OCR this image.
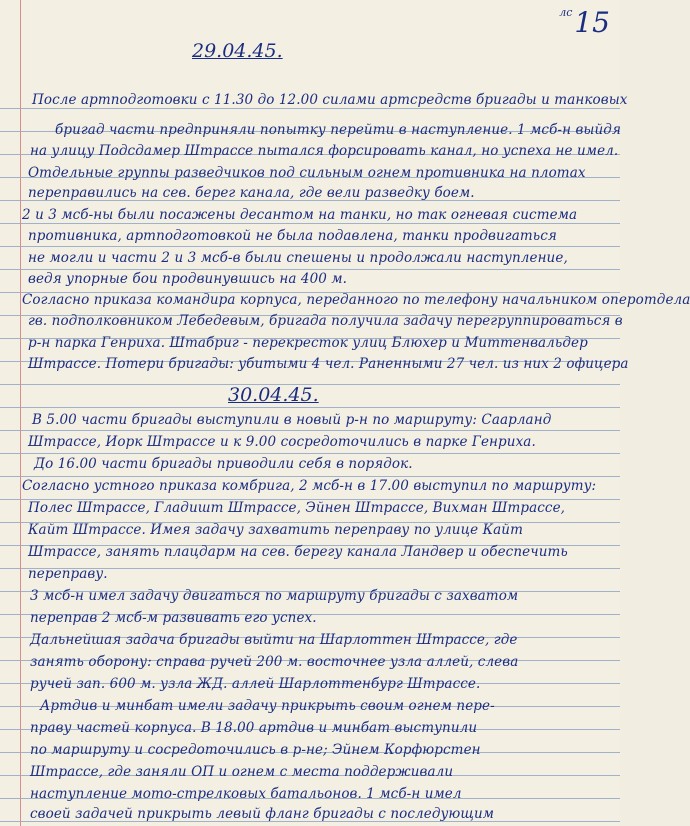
$^{лс}$15
29.04.45.
После артподготовки с 11.30 до 12.00 силами артсредств бригады и танковых
бригад части предприняли попытку перейти в наступление. 1 мсб-н выйдя
на улицу Подсдамер Штрассе пытался форсировать канал, но успеха не имел.
Отдельные группы разведчиков под сильным огнем противника на плотах
переправились на сев. берег канала, где вели разведку боем.
2 и 3 мсб-ны были посажены десантом на танки, но так огневая система
противника, артподготовкой не была подавлена, танки продвигаться
не могли и части 2 и 3 мсб-в были спешены и продолжали наступление,
ведя упорные бои продвинувшись на 400 м.
Согласно приказа командира корпуса, переданного по телефону начальником оперотдела
гв. подполковником Лебедевым, бригада получила задачу перегруппироваться в
р-н парка Генриха. Штабриг - перекресток улиц Блюхер и Миттенвальдер
Штрассе. Потери бригады: убитыми 4 чел. Раненными 27 чел. из них 2 офицера
30.04.45.
В 5.00 части бригады выступили в новый р-н по маршруту: Саарланд
Штрассе, Иорк Штрассе и к 9.00 сосредоточились в парке Генриха.
До 16.00 части бригады приводили себя в порядок.
Согласно устного приказа комбрига, 2 мсб-н в 17.00 выступил по маршруту:
Полес Штрассе, Гладишт Штрассе, Эйнен Штрассе, Вихман Штрассе,
Кайт Штрассе. Имея задачу захватить переправу по улице Кайт
Штрассе, занять плацдарм на сев. берегу канала Ландвер и обеспечить
переправу.
3 мсб-н имел задачу двигаться по маршруту бригады с захватом
переправ 2 мсб-м развивать его успех.
Дальнейшая задача бригады выйти на Шарлоттен Штрассе, где
занять оборону: справа ручей 200 м. восточнее узла аллей, слева
ручей зап. 600 м. узла ЖД. аллей Шарлоттенбург Штрассе.
Артдив и минбат имели задачу прикрыть своим огнем пере-
праву частей корпуса. В 18.00 артдив и минбат выступили
по маршруту и сосредоточились в р-не; Эйнем Корфюрстен
Штрассе, где заняли ОП и огнем с места поддерживали
наступление мото-стрелковых батальонов. 1 мсб-н имел
своей задачей прикрыть левый фланг бригады с последующим
